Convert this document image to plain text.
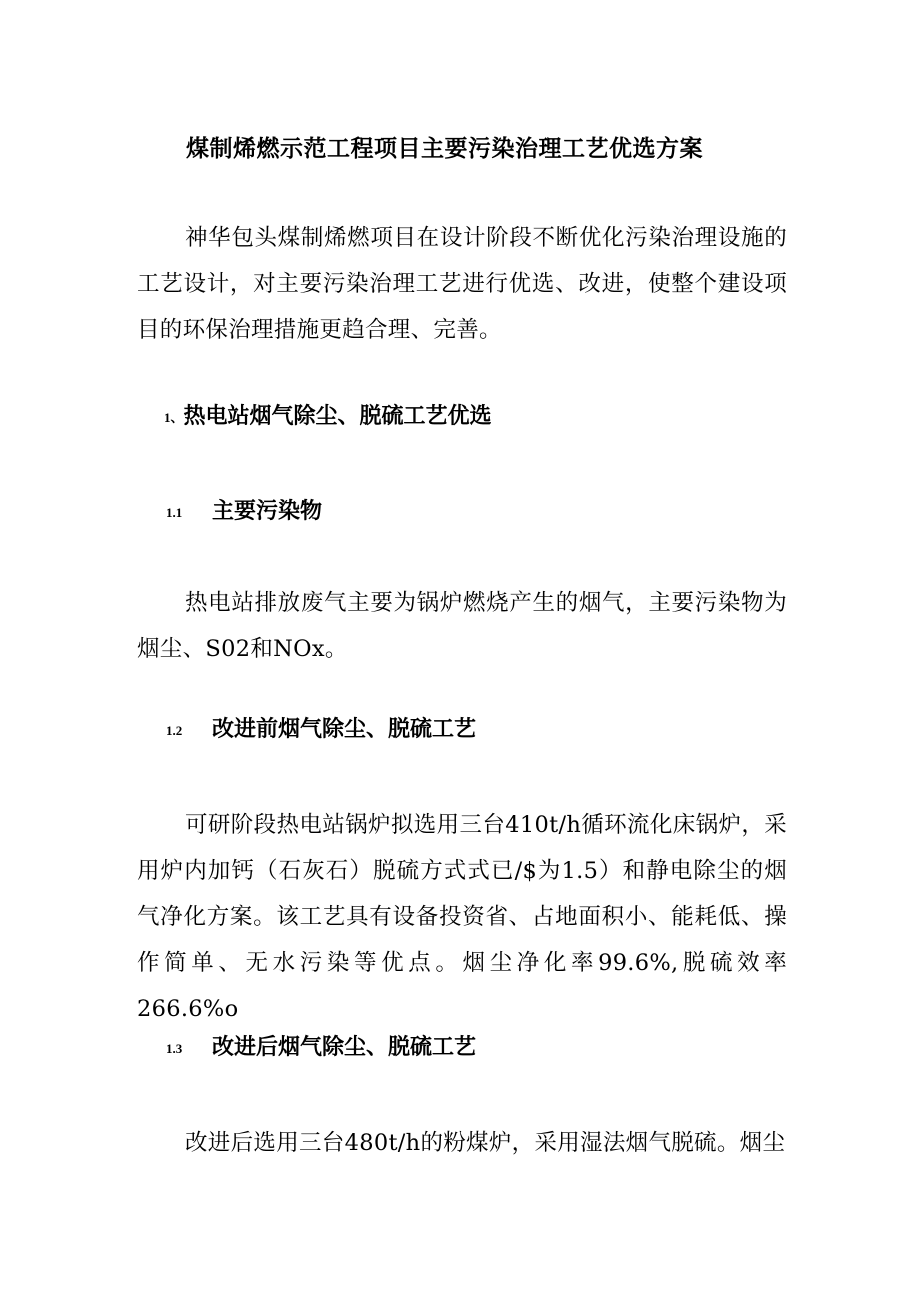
煤制烯燃示范工程项目主要污染治理工艺优选方案

神华包头煤制烯燃项目在设计阶段不断优化污染治理设施的工艺设计，对主要污染治理工艺进行优选、改进，使整个建设项目的环保治理措施更趋合理、完善。

1、热电站烟气除尘、脱硫工艺优选
1.1 主要污染物

热电站排放废气主要为锅炉燃烧产生的烟气，主要污染物为烟尘、S02和NOx。

1.2 改进前烟气除尘、脱硫工艺

可研阶段热电站锅炉拟选用三台410t/h循环流化床锅炉，采用炉内加钙（石灰石）脱硫方式式已/$为1.5）和静电除尘的烟气净化方案。该工艺具有设备投资省、占地面积小、能耗低、操作简单、无水污染等优点。烟尘净化率99.6%,脱硫效率266.6%o

1.3 改进后烟气除尘、脱硫工艺

改进后选用三台480t/h的粉煤炉，采用湿法烟气脱硫。烟尘
